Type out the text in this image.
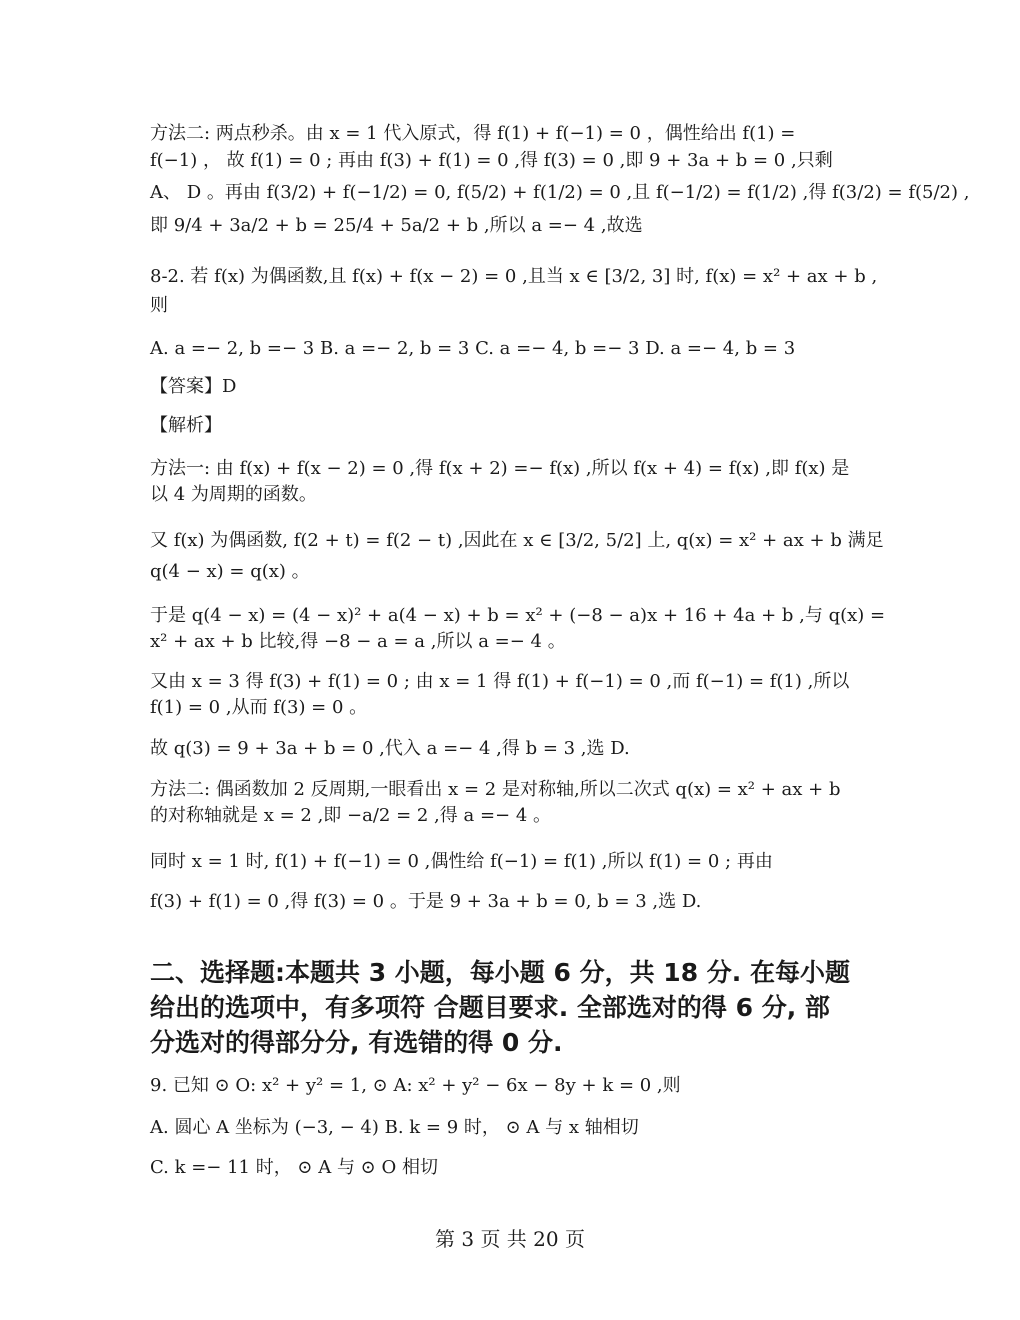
方法二: 两点秒杀。由 x = 1 代入原式，得 f(1) + f(−1) = 0 ，偶性给出 f(1) =
f(−1) ， 故 f(1) = 0 ; 再由 f(3) + f(1) = 0 ,得 f(3) = 0 ,即 9 + 3a + b = 0 ,只剩
A、 D 。再由 f(3/2) + f(−1/2) = 0, f(5/2) + f(1/2) = 0 ,且 f(−1/2) = f(1/2) ,得 f(3/2) = f(5/2) ,
即 9/4 + 3a/2 + b = 25/4 + 5a/2 + b ,所以 a =− 4 ,故选
8-2. 若 f(x) 为偶函数,且 f(x) + f(x − 2) = 0 ,且当 x ∈ [3/2, 3] 时, f(x) = x² + ax + b ,
则
A. a =− 2, b =− 3 B. a =− 2, b = 3 C. a =− 4, b =− 3 D. a =− 4, b = 3
【答案】D
【解析】
方法一: 由 f(x) + f(x − 2) = 0 ,得 f(x + 2) =− f(x) ,所以 f(x + 4) = f(x) ,即 f(x) 是
以 4 为周期的函数。
又 f(x) 为偶函数, f(2 + t) = f(2 − t) ,因此在 x ∈ [3/2, 5/2] 上, q(x) = x² + ax + b 满足
q(4 − x) = q(x) 。
于是 q(4 − x) = (4 − x)² + a(4 − x) + b = x² + (−8 − a)x + 16 + 4a + b ,与 q(x) =
x² + ax + b 比较,得 −8 − a = a ,所以 a =− 4 。
又由 x = 3 得 f(3) + f(1) = 0 ; 由 x = 1 得 f(1) + f(−1) = 0 ,而 f(−1) = f(1) ,所以
f(1) = 0 ,从而 f(3) = 0 。
故 q(3) = 9 + 3a + b = 0 ,代入 a =− 4 ,得 b = 3 ,选 D.
方法二: 偶函数加 2 反周期,一眼看出 x = 2 是对称轴,所以二次式 q(x) = x² + ax + b
的对称轴就是 x = 2 ,即 −a/2 = 2 ,得 a =− 4 。
同时 x = 1 时, f(1) + f(−1) = 0 ,偶性给 f(−1) = f(1) ,所以 f(1) = 0 ; 再由
f(3) + f(1) = 0 ,得 f(3) = 0 。于是 9 + 3a + b = 0, b = 3 ,选 D.
二、选择题:本题共 3 小题，每小题 6 分，共 18 分. 在每小题
给出的选项中，有多项符 合题目要求. 全部选对的得 6 分, 部
分选对的得部分分, 有选错的得 0 分.
9. 已知 ⊙ O: x² + y² = 1, ⊙ A: x² + y² − 6x − 8y + k = 0 ,则
A. 圆心 A 坐标为 (−3, − 4) B. k = 9 时， ⊙ A 与 x 轴相切
C. k =− 11 时， ⊙ A 与 ⊙ O 相切
第 3 页 共 20 页
